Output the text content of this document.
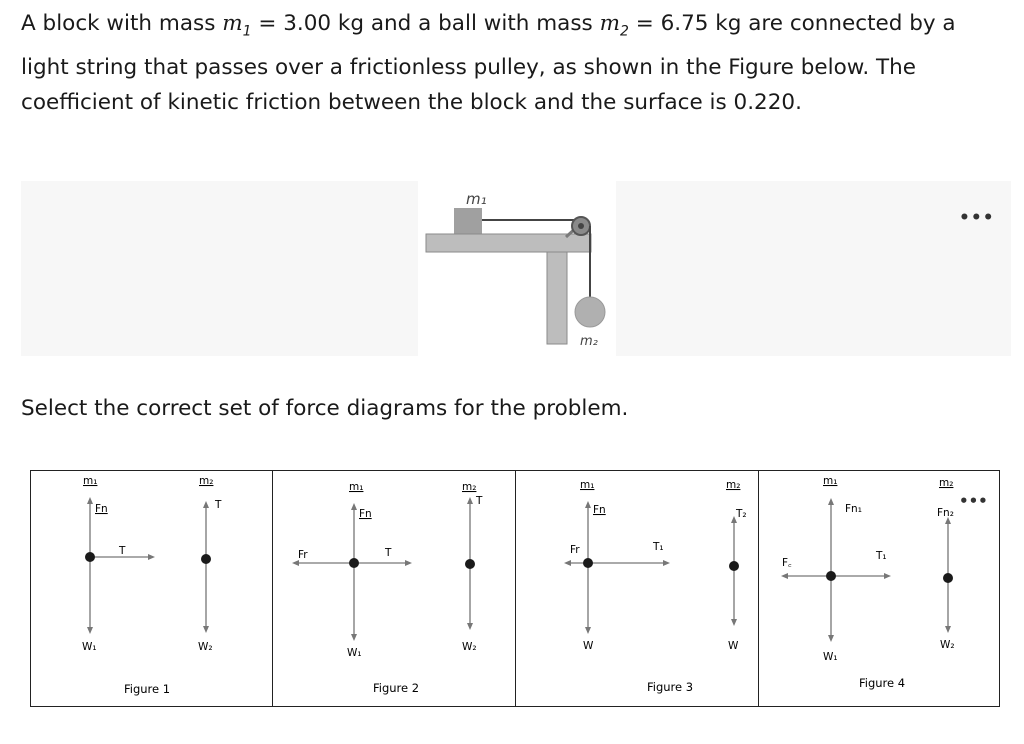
A block with mass $m_1 = 3.00$ kg and a ball with mass $m_2 = 6.75$ kg are connected by a light string that passes over a frictionless pulley, as shown in the Figure below. The coefficient of kinetic friction between the block and the surface is 0.220.

m₁
m₂
•••

Select the correct set of force diagrams for the problem.

m₁
Fn
W₁
T
m₂
T
W₂
Figure 1
m₁
Fn
W₁
T
Fr
m₂
T
W₂
Figure 2
m₁
Fn
W
T₁
Fr
m₂
T₂
W
Figure 3
m₁
Fn₁
W₁
T₁
F꜀
m₂
Fn₂
W₂
Figure 4
•••
